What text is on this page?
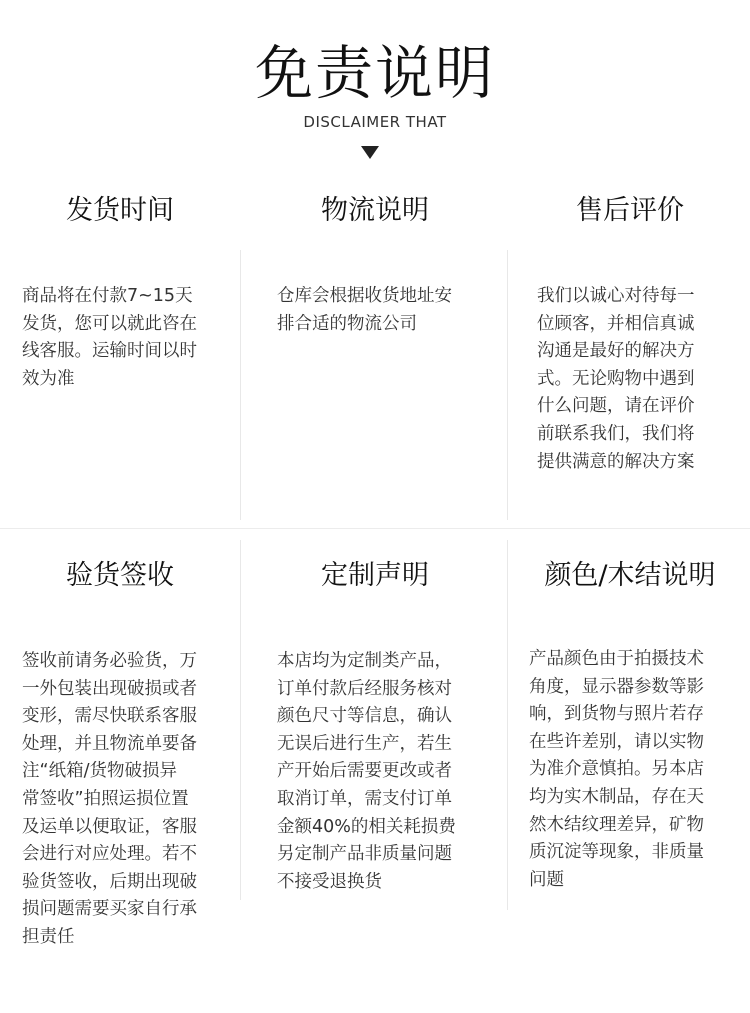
免责说明
DISCLAIMER THAT
发货时间
商品将在付款7~15天
发货，您可以就此咨在
线客服。运输时间以时
效为准
物流说明
仓库会根据收货地址安
排合适的物流公司
售后评价
我们以诚心对待每一
位顾客，并相信真诚
沟通是最好的解决方
式。无论购物中遇到
什么问题，请在评价
前联系我们，我们将
提供满意的解决方案
验货签收
签收前请务必验货，万
一外包装出现破损或者
变形，需尽快联系客服
处理，并且物流单要备
注“纸箱/货物破损异
常签收”拍照运损位置
及运单以便取证，客服
会进行对应处理。若不
验货签收，后期出现破
损问题需要买家自行承
担责任
定制声明
本店均为定制类产品，
订单付款后经服务核对
颜色尺寸等信息，确认
无误后进行生产，若生
产开始后需要更改或者
取消订单，需支付订单
金额40%的相关耗损费
另定制产品非质量问题
不接受退换货
颜色/木结说明
产品颜色由于拍摄技术
角度，显示器参数等影
响，到货物与照片若存
在些许差别，请以实物
为准介意慎拍。另本店
均为实木制品，存在天
然木结纹理差异，矿物
质沉淀等现象，非质量
问题
